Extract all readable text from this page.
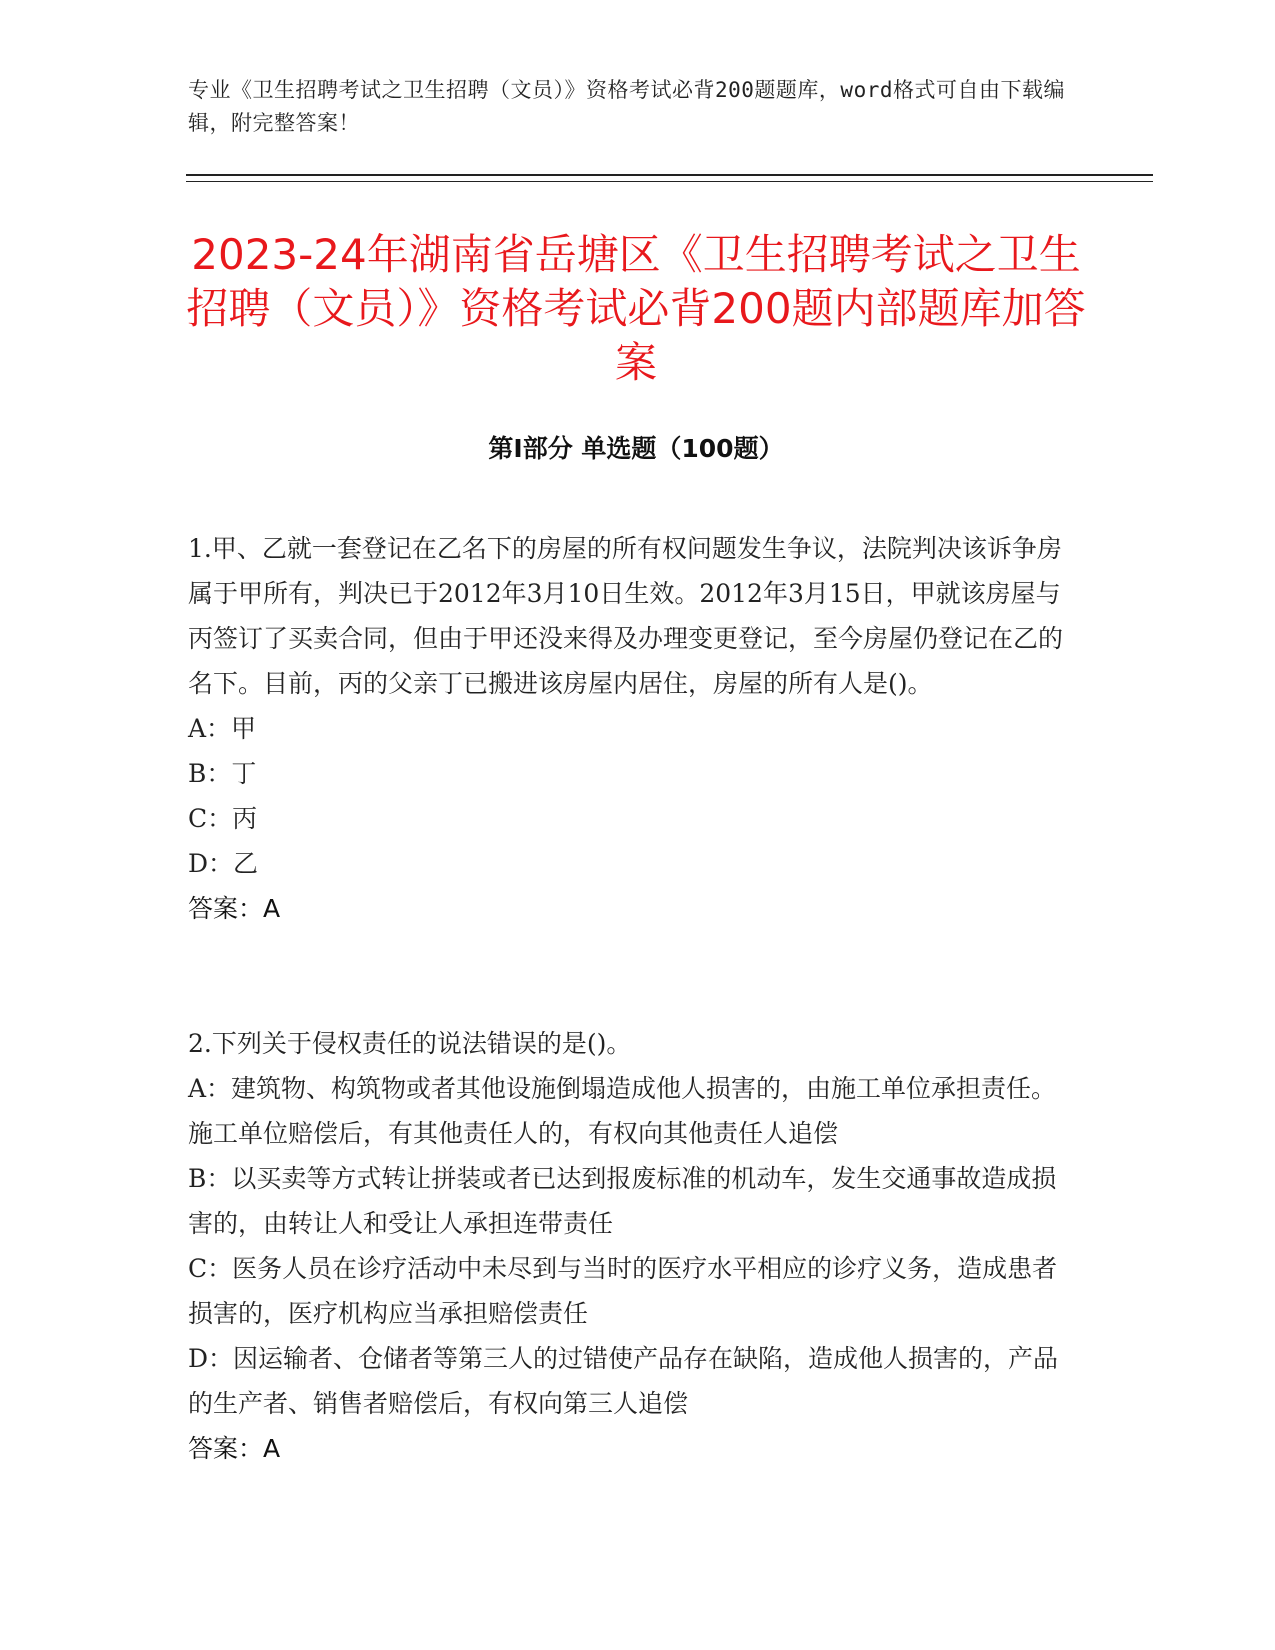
专业《卫生招聘考试之卫生招聘（文员）》资格考试必背200题题库，word格式可自由下载编辑，附完整答案！
2023-24年湖南省岳塘区《卫生招聘考试之卫生招聘（文员）》资格考试必背200题内部题库加答案
第Ⅰ部分 单选题（100题）

1.甲、乙就一套登记在乙名下的房屋的所有权问题发生争议，法院判决该诉争房属于甲所有，判决已于2012年3月10日生效。2012年3月15日，甲就该房屋与丙签订了买卖合同，但由于甲还没来得及办理变更登记，至今房屋仍登记在乙的名下。目前，丙的父亲丁已搬进该房屋内居住，房屋的所有人是()。

A：甲

B：丁

C：丙

D：乙

答案：A

2.下列关于侵权责任的说法错误的是()。

A：建筑物、构筑物或者其他设施倒塌造成他人损害的，由施工单位承担责任。施工单位赔偿后，有其他责任人的，有权向其他责任人追偿

B：以买卖等方式转让拼装或者已达到报废标准的机动车，发生交通事故造成损害的，由转让人和受让人承担连带责任

C：医务人员在诊疗活动中未尽到与当时的医疗水平相应的诊疗义务，造成患者损害的，医疗机构应当承担赔偿责任

D：因运输者、仓储者等第三人的过错使产品存在缺陷，造成他人损害的，产品的生产者、销售者赔偿后，有权向第三人追偿

答案：A
